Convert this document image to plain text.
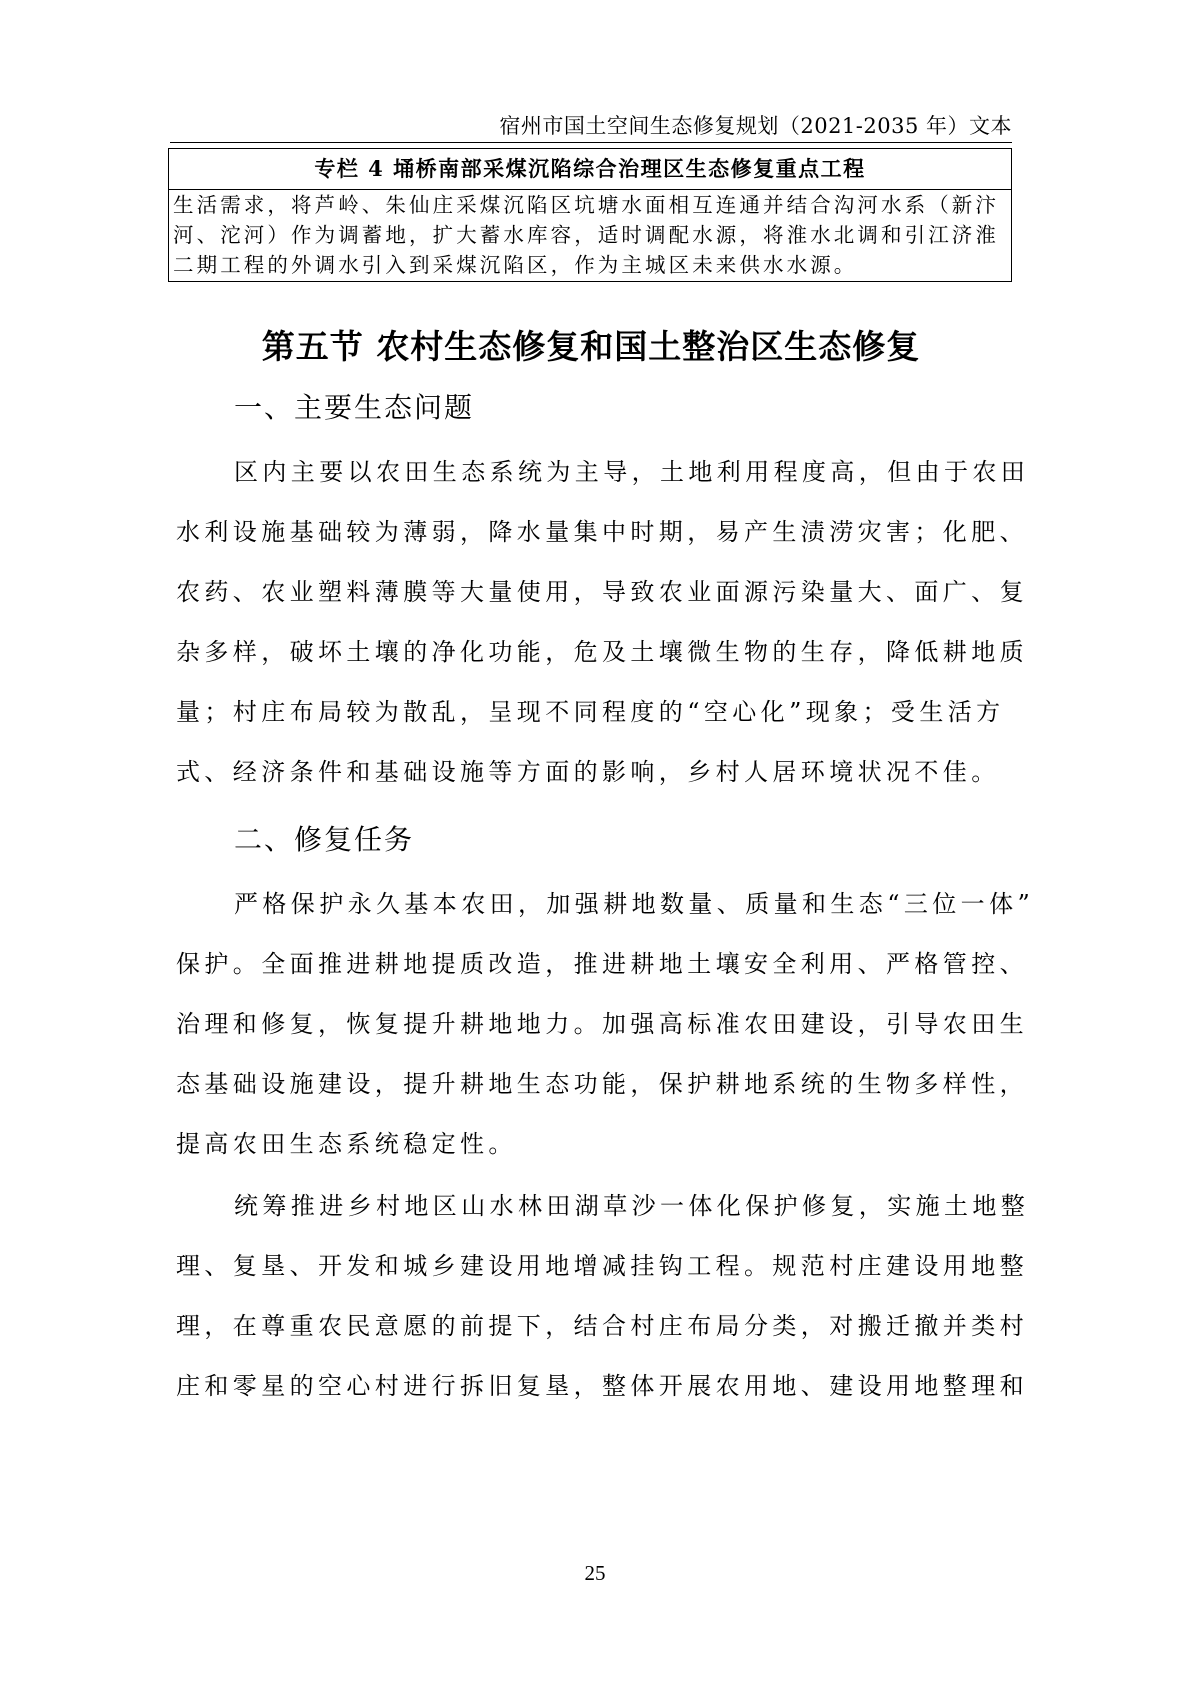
宿州市国土空间生态修复规划（2021-2035 年）文本
专栏 4 埇桥南部采煤沉陷综合治理区生态修复重点工程
生活需求，将芦岭、朱仙庄采煤沉陷区坑塘水面相互连通并结合沟河水系（新汴
河、沱河）作为调蓄地，扩大蓄水库容，适时调配水源，将淮水北调和引江济淮
二期工程的外调水引入到采煤沉陷区，作为主城区未来供水水源。
第五节 农村生态修复和国土整治区生态修复
一、主要生态问题
区内主要以农田生态系统为主导，土地利用程度高，但由于农田
水利设施基础较为薄弱，降水量集中时期，易产生渍涝灾害；化肥、
农药、农业塑料薄膜等大量使用，导致农业面源污染量大、面广、复
杂多样，破坏土壤的净化功能，危及土壤微生物的生存，降低耕地质
量；村庄布局较为散乱，呈现不同程度的“空心化”现象；受生活方
式、经济条件和基础设施等方面的影响，乡村人居环境状况不佳。
二、修复任务
严格保护永久基本农田，加强耕地数量、质量和生态“三位一体”
保护。全面推进耕地提质改造，推进耕地土壤安全利用、严格管控、
治理和修复，恢复提升耕地地力。加强高标准农田建设，引导农田生
态基础设施建设，提升耕地生态功能，保护耕地系统的生物多样性，
提高农田生态系统稳定性。
统筹推进乡村地区山水林田湖草沙一体化保护修复，实施土地整
理、复垦、开发和城乡建设用地增减挂钩工程。规范村庄建设用地整
理，在尊重农民意愿的前提下，结合村庄布局分类，对搬迁撤并类村
庄和零星的空心村进行拆旧复垦，整体开展农用地、建设用地整理和
25
